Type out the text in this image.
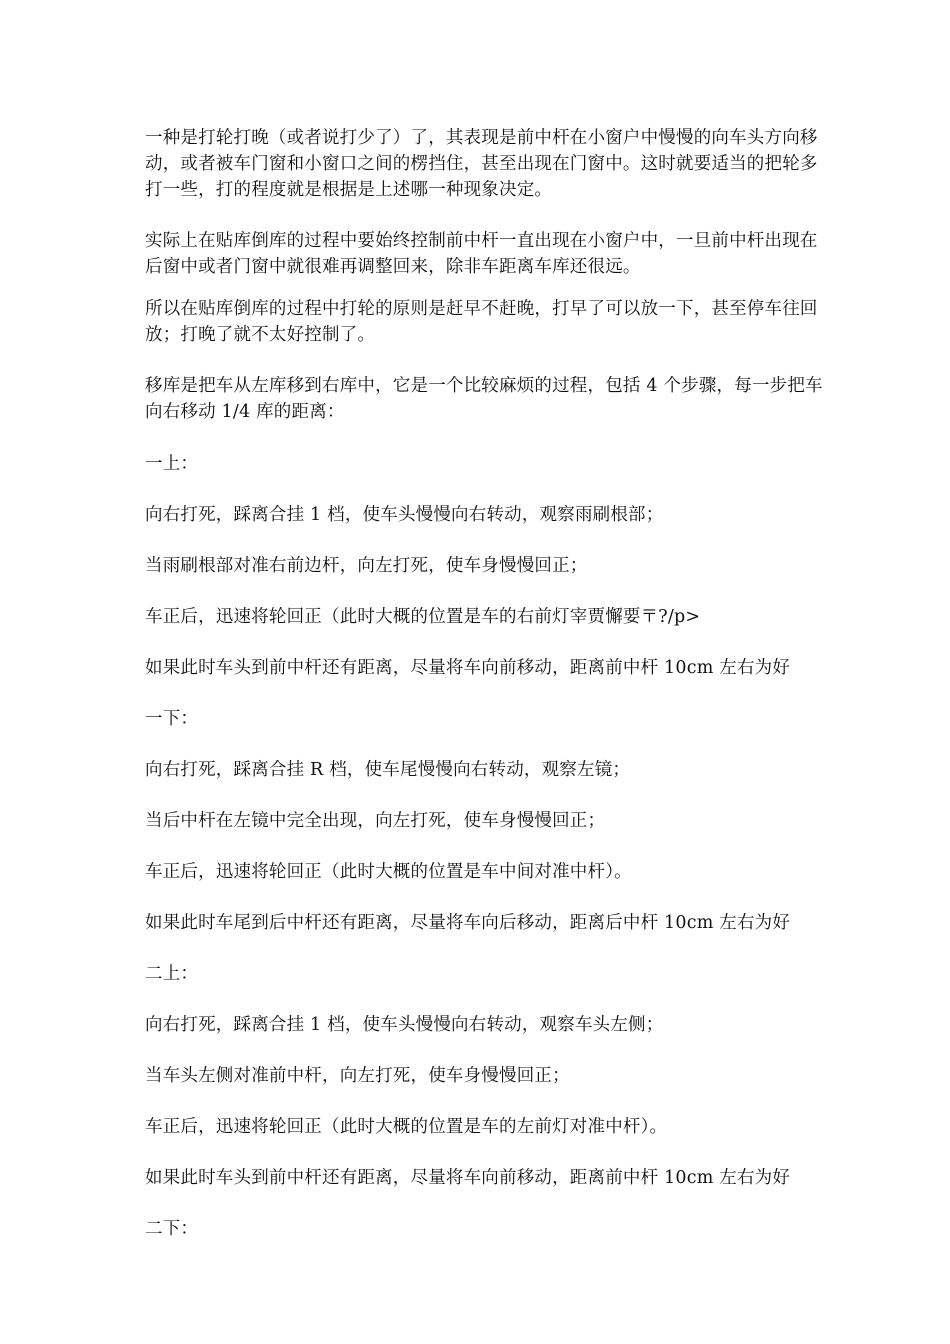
一种是打轮打晚（或者说打少了）了，其表现是前中杆在小窗户中慢慢的向车头方向移动，或者被车门窗和小窗口之间的楞挡住，甚至出现在门窗中。这时就要适当的把轮多打一些，打的程度就是根据是上述哪一种现象决定。

实际上在贴库倒库的过程中要始终控制前中杆一直出现在小窗户中，一旦前中杆出现在后窗中或者门窗中就很难再调整回来，除非车距离车库还很远。

所以在贴库倒库的过程中打轮的原则是赶早不赶晚，打早了可以放一下，甚至停车往回放；打晚了就不太好控制了。

移库是把车从左库移到右库中，它是一个比较麻烦的过程，包括 4 个步骤，每一步把车向右移动 1/4 库的距离：

一上：

向右打死，踩离合挂 1 档，使车头慢慢向右转动，观察雨刷根部；

当雨刷根部对准右前边杆，向左打死，使车身慢慢回正；

车正后，迅速将轮回正（此时大概的位置是车的右前灯宰贾懈要〒?/p>

如果此时车头到前中杆还有距离，尽量将车向前移动，距离前中杆 10cm 左右为好

一下：

向右打死，踩离合挂 R 档，使车尾慢慢向右转动，观察左镜；

当后中杆在左镜中完全出现，向左打死，使车身慢慢回正；

车正后，迅速将轮回正（此时大概的位置是车中间对准中杆）。

如果此时车尾到后中杆还有距离，尽量将车向后移动，距离后中杆 10cm 左右为好

二上：

向右打死，踩离合挂 1 档，使车头慢慢向右转动，观察车头左侧；

当车头左侧对准前中杆，向左打死，使车身慢慢回正；

车正后，迅速将轮回正（此时大概的位置是车的左前灯对准中杆）。

如果此时车头到前中杆还有距离，尽量将车向前移动，距离前中杆 10cm 左右为好

二下：
